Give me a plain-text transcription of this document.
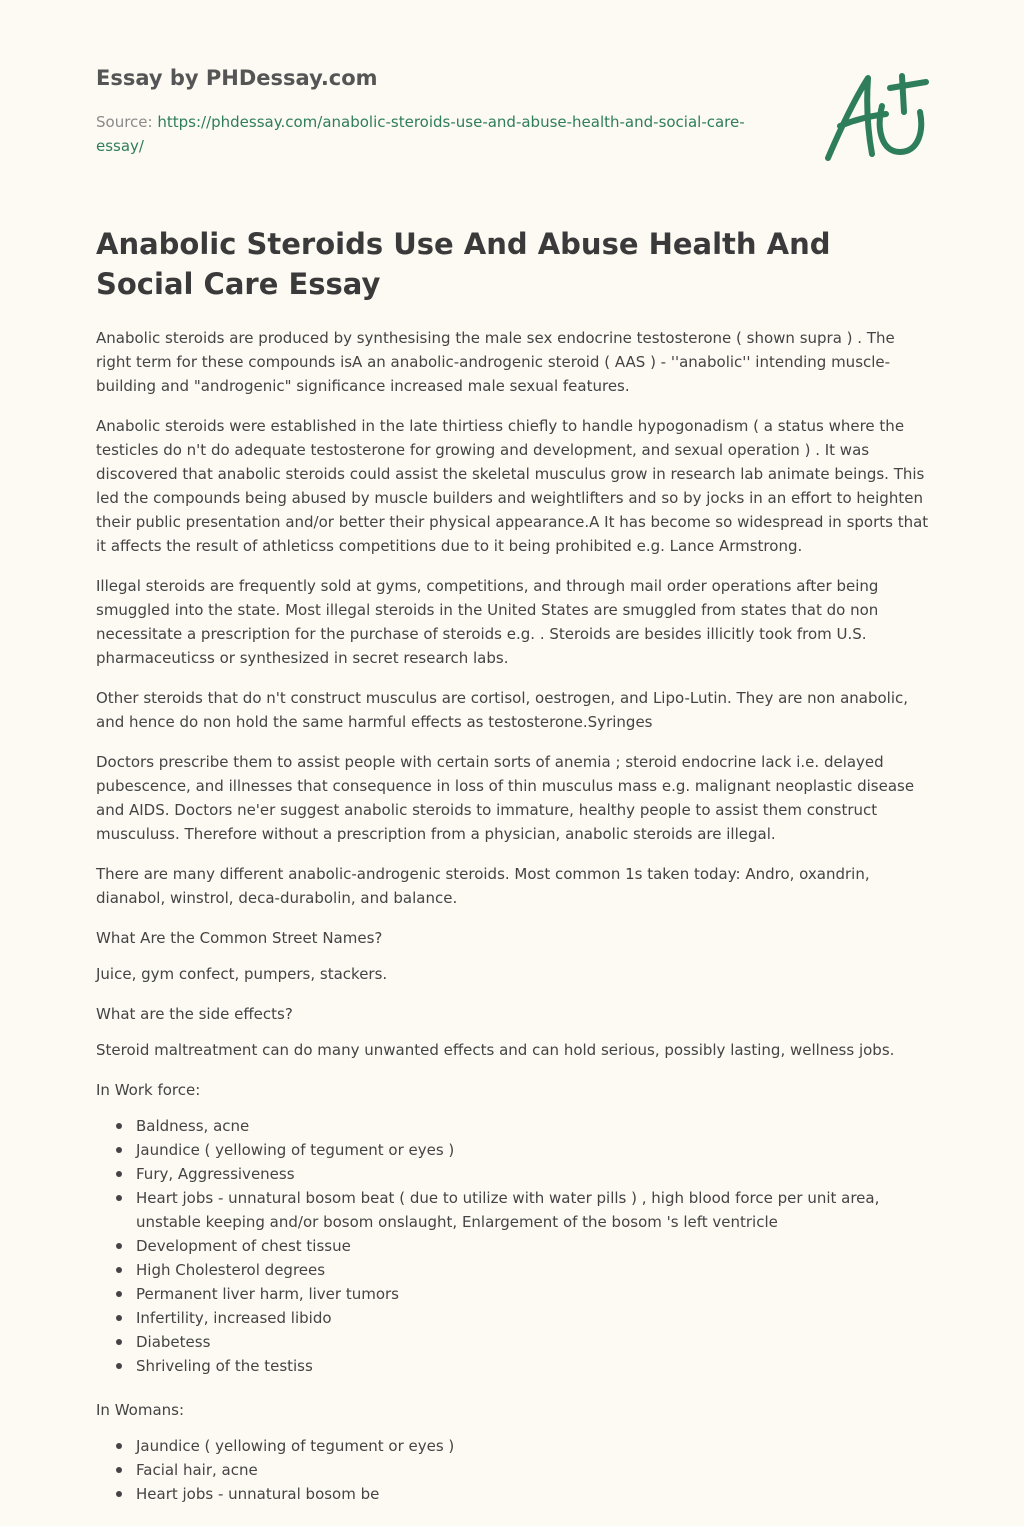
Essay by PHDessay.com
Source: https://phdessay.com/anabolic-steroids-use-and-abuse-health-and-social-care-essay/
Anabolic Steroids Use And Abuse Health And Social Care Essay

Anabolic steroids are produced by synthesising the male sex endocrine testosterone ( shown supra ) . The right term for these compounds isA an anabolic-androgenic steroid ( AAS ) - ''anabolic'' intending muscle-building and "androgenic" significance increased male sexual features.

Anabolic steroids were established in the late thirtiess chiefly to handle hypogonadism ( a status where the testicles do n't do adequate testosterone for growing and development, and sexual operation ) . It was discovered that anabolic steroids could assist the skeletal musculus grow in research lab animate beings. This led the compounds being abused by muscle builders and weightlifters and so by jocks in an effort to heighten their public presentation and/or better their physical appearance.A It has become so widespread in sports that it affects the result of athleticss competitions due to it being prohibited e.g. Lance Armstrong.

Illegal steroids are frequently sold at gyms, competitions, and through mail order operations after being smuggled into the state. Most illegal steroids in the United States are smuggled from states that do non necessitate a prescription for the purchase of steroids e.g. . Steroids are besides illicitly took from U.S. pharmaceuticss or synthesized in secret research labs.

Other steroids that do n't construct musculus are cortisol, oestrogen, and Lipo-Lutin. They are non anabolic, and hence do non hold the same harmful effects as testosterone.Syringes

Doctors prescribe them to assist people with certain sorts of anemia ; steroid endocrine lack i.e. delayed pubescence, and illnesses that consequence in loss of thin musculus mass e.g. malignant neoplastic disease and AIDS. Doctors ne'er suggest anabolic steroids to immature, healthy people to assist them construct musculuss. Therefore without a prescription from a physician, anabolic steroids are illegal.

There are many different anabolic-androgenic steroids. Most common 1s taken today: Andro, oxandrin, dianabol, winstrol, deca-durabolin, and balance.

What Are the Common Street Names?

Juice, gym confect, pumpers, stackers.

What are the side effects?

Steroid maltreatment can do many unwanted effects and can hold serious, possibly lasting, wellness jobs.

In Work force:

Baldness, acne
Jaundice ( yellowing of tegument or eyes )
Fury, Aggressiveness
Heart jobs - unnatural bosom beat ( due to utilize with water pills ) , high blood force per unit area, unstable keeping and/or bosom onslaught, Enlargement of the bosom 's left ventricle
Development of chest tissue
High Cholesterol degrees
Permanent liver harm, liver tumors
Infertility, increased libido
Diabetess
Shriveling of the testiss

In Womans:

Jaundice ( yellowing of tegument or eyes )
Facial hair, acne
Heart jobs - unnatural bosom be
